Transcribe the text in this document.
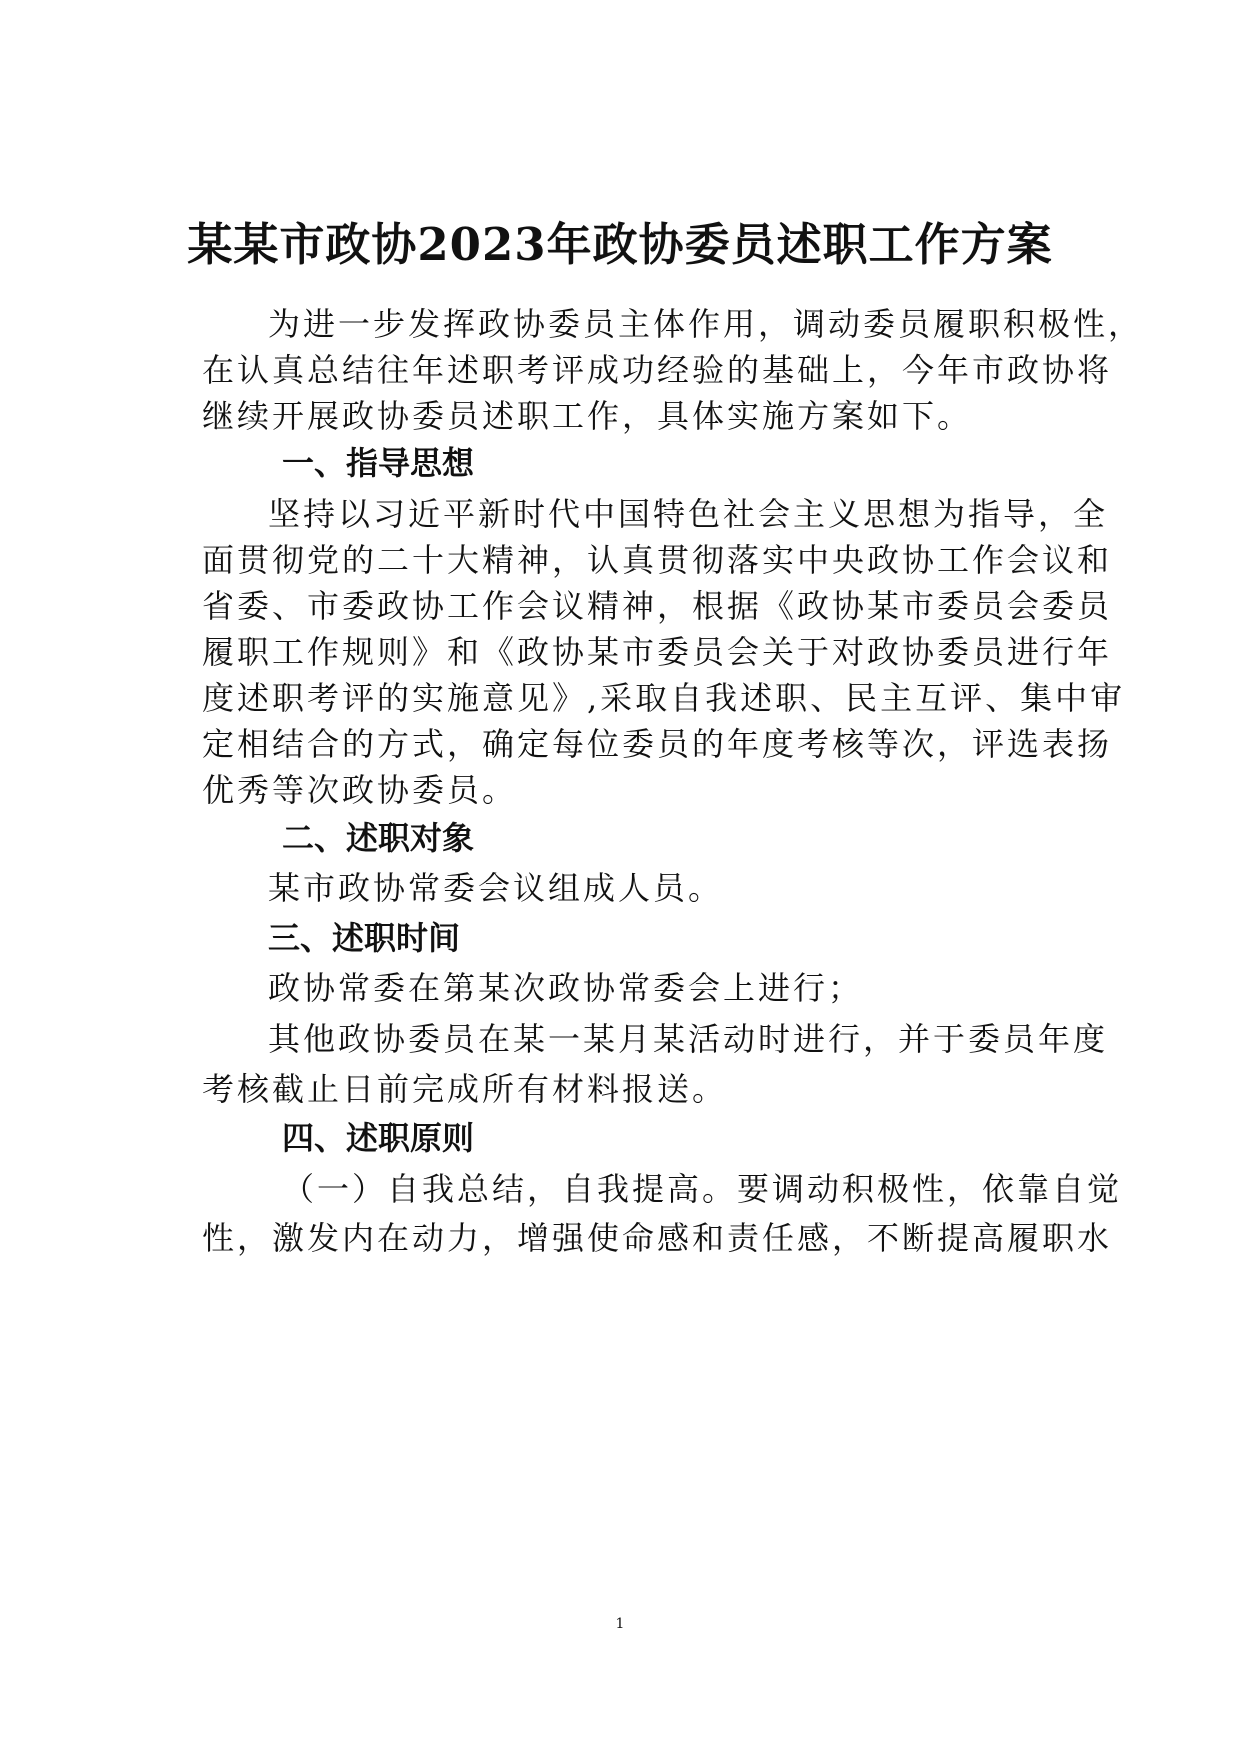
某某市政协2023年政协委员述职工作方案
为进一步发挥政协委员主体作用，调动委员履职积极性，
在认真总结往年述职考评成功经验的基础上，今年市政协将
继续开展政协委员述职工作，具体实施方案如下。
一、指导思想
坚持以习近平新时代中国特色社会主义思想为指导，全
面贯彻党的二十大精神，认真贯彻落实中央政协工作会议和
省委、市委政协工作会议精神，根据《政协某市委员会委员
履职工作规则》和《政协某市委员会关于对政协委员进行年
度述职考评的实施意见》,采取自我述职、民主互评、集中审
定相结合的方式，确定每位委员的年度考核等次，评选表扬
优秀等次政协委员。
二、述职对象
某市政协常委会议组成人员。
三、述职时间
政协常委在第某次政协常委会上进行；
其他政协委员在某一某月某活动时进行，并于委员年度
考核截止日前完成所有材料报送。
四、述职原则
（一）自我总结，自我提高。要调动积极性，依靠自觉
性，激发内在动力，增强使命感和责任感，不断提高履职水
1
